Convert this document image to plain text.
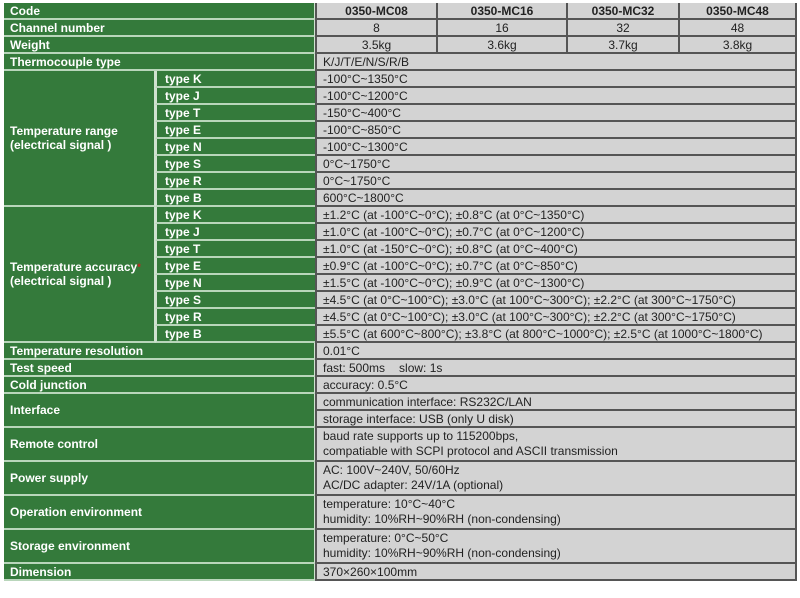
Code		0350-MC08	0350-MC16	0350-MC32	0350-MC48
Channel number		8	16	32	48
Weight		3.5kg	3.6kg	3.7kg	3.8kg
Thermocouple type		K/J/T/E/N/S/R/B			

Temperature range
(electrical signal )	type K	-100°C~1350°C			
	type J	-100°C~1200°C			
	type T	-150°C~400°C			
	type E	-100°C~850°C			
	type N	-100°C~1300°C			
	type S	0°C~1750°C			
	type R	0°C~1750°C			
	type B	600°C~1800°C			

Temperature accuracy*
(electrical signal )	type K	±1.2°C (at -100°C~0°C); ±0.8°C (at 0°C~1350°C)			
	type J	±1.0°C (at -100°C~0°C); ±0.7°C (at 0°C~1200°C)			
	type T	±1.0°C (at -150°C~0°C); ±0.8°C (at 0°C~400°C)			
	type E	±0.9°C (at -100°C~0°C); ±0.7°C (at 0°C~850°C)			
	type N	±1.5°C (at -100°C~0°C); ±0.9°C (at 0°C~1300°C)			
	type S	±4.5°C (at 0°C~100°C); ±3.0°C (at 100°C~300°C); ±2.2°C (at 300°C~1750°C)			
	type R	±4.5°C (at 0°C~100°C); ±3.0°C (at 100°C~300°C); ±2.2°C (at 300°C~1750°C)			
	type B	±5.5°C (at 600°C~800°C); ±3.8°C (at 800°C~1000°C); ±2.5°C (at 1000°C~1800°C)			
Temperature resolution		0.01°C			
Test speed		fast: 500ms slow: 1s			
Cold junction		accuracy: 0.5°C			
Interface		communication interface: RS232C/LAN			
		storage interface: USB (only U disk)			
Remote control		baud rate supports up to 115200bps,
compatiable with SCPI protocol and ASCII transmission			

Power supply		AC: 100V~240V, 50/60Hz
AC/DC adapter: 24V/1A (optional)			

Operation environment		temperature: 10°C~40°C
humidity: 10%RH~90%RH (non-condensing)			

Storage environment		temperature: 0°C~50°C
humidity: 10%RH~90%RH (non-condensing)			

Dimension		370×260×100mm			
